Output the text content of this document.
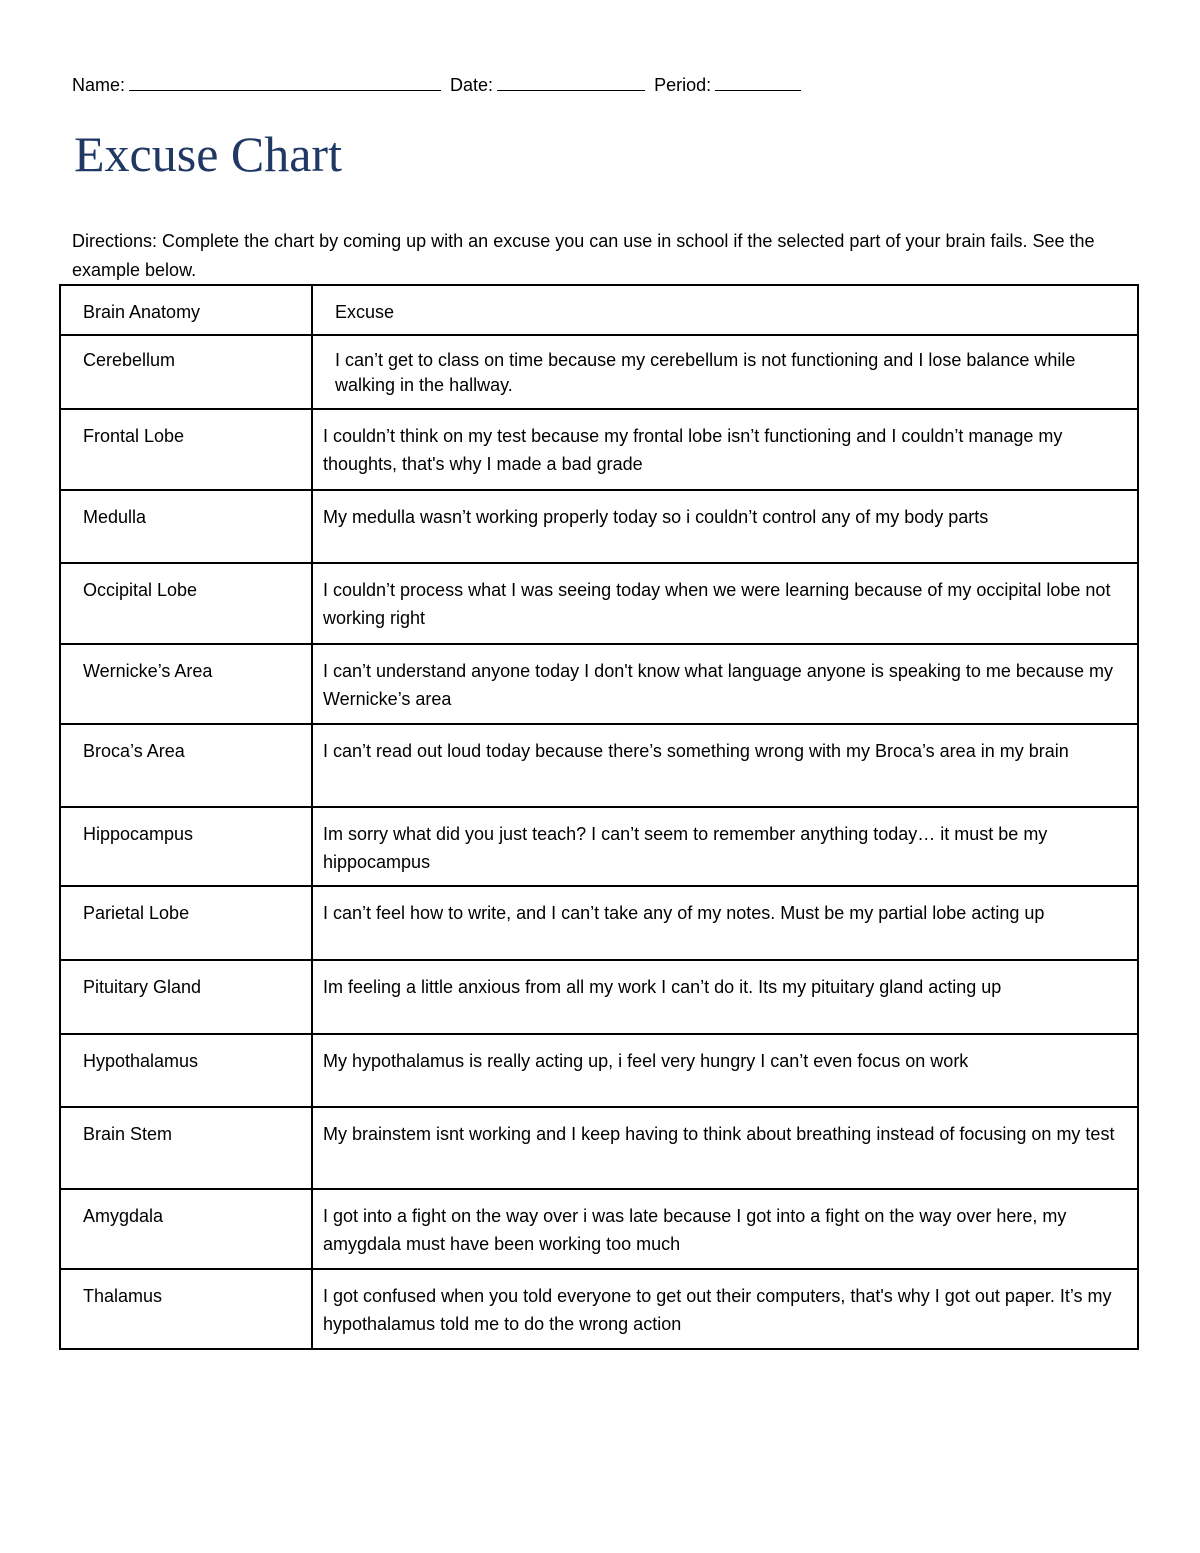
Name:	Date:	Period:
Excuse Chart
Directions: Complete the chart by coming up with an excuse you can use in school if the selected part of your brain fails. See the example below.
Brain Anatomy	Excuse
Cerebellum	I can’t get to class on time because my cerebellum is not functioning and I lose balance while walking in the hallway.
Frontal Lobe	I couldn’t think on my test because my frontal lobe isn’t functioning and I couldn’t manage my thoughts, that's why I made a bad grade
Medulla	My medulla wasn’t working properly today so i couldn’t control any of my body parts
Occipital Lobe	I couldn’t process what I was seeing today when we were learning because of my occipital lobe not working right
Wernicke’s Area	I can’t understand anyone today I don't know what language anyone is speaking to me because my Wernicke’s area
Broca’s Area	I can’t read out loud today because there’s something wrong with my Broca’s area in my brain
Hippocampus	Im sorry what did you just teach? I can’t seem to remember anything today… it must be my hippocampus
Parietal Lobe	I can’t feel how to write, and I can’t take any of my notes. Must be my partial lobe acting up
Pituitary Gland	Im feeling a little anxious from all my work I can’t do it. Its my pituitary gland acting up
Hypothalamus	My hypothalamus is really acting up, i feel very hungry I can’t even focus on work
Brain Stem	My brainstem isnt working and I keep having to think about breathing instead of focusing on my test
Amygdala	I got into a fight on the way over i was late because I got into a fight on the way over here, my amygdala must have been working too much
Thalamus	I got confused when you told everyone to get out their computers, that's why I got out paper. It’s my hypothalamus told me to do the wrong action
